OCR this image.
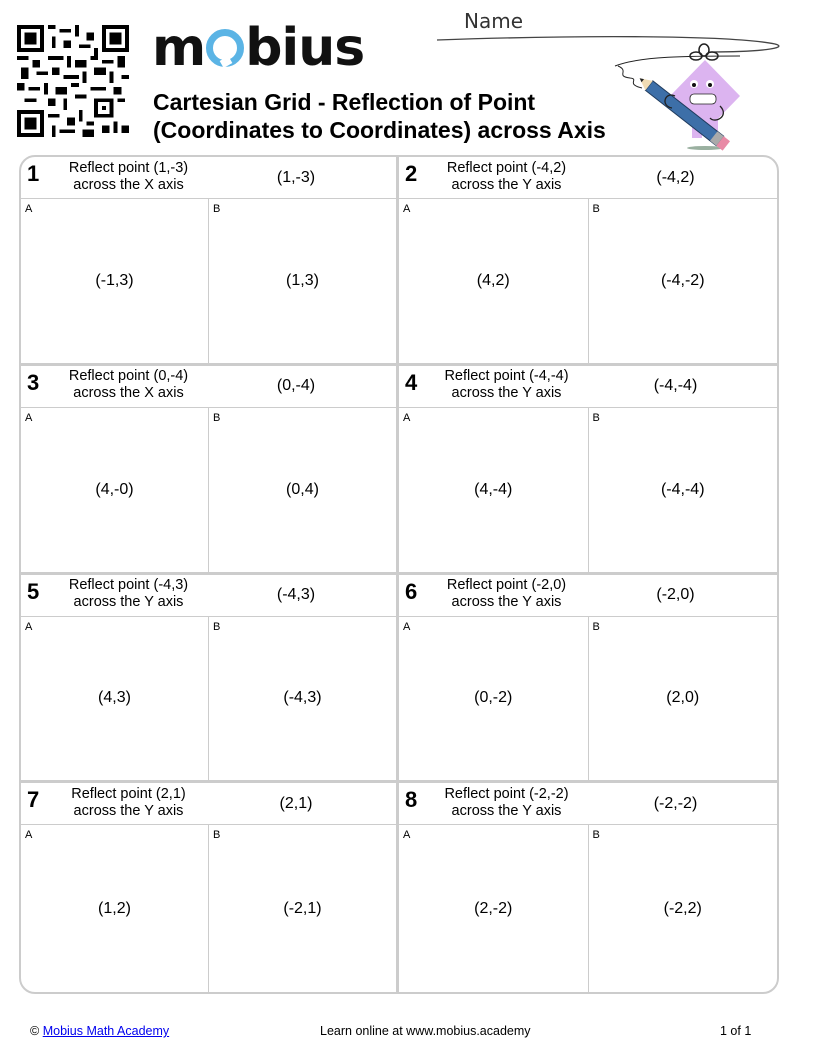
m bius
Cartesian Grid - Reflection of Point
(Coordinates to Coordinates) across Axis
Name
1	Reflect point (1,-3)
across the X axis	(1,-3)
A
(-1,3)
B
(1,3)
2	Reflect point (-4,2)
across the Y axis	(-4,2)
A
(4,2)
B
(-4,-2)
3	Reflect point (0,-4)
across the X axis	(0,-4)
A
(4,-0)
B
(0,4)
4	Reflect point (-4,-4)
across the Y axis	(-4,-4)
A
(4,-4)
B
(-4,-4)
5	Reflect point (-4,3)
across the Y axis	(-4,3)
A
(4,3)
B
(-4,3)
6	Reflect point (-2,0)
across the Y axis	(-2,0)
A
(0,-2)
B
(2,0)
7	Reflect point (2,1)
across the Y axis	(2,1)
A
(1,2)
B
(-2,1)
8	Reflect point (-2,-2)
across the Y axis	(-2,-2)
A
(2,-2)
B
(-2,2)
© Mobius Math Academy	Learn online at www.mobius.academy	1 of 1
